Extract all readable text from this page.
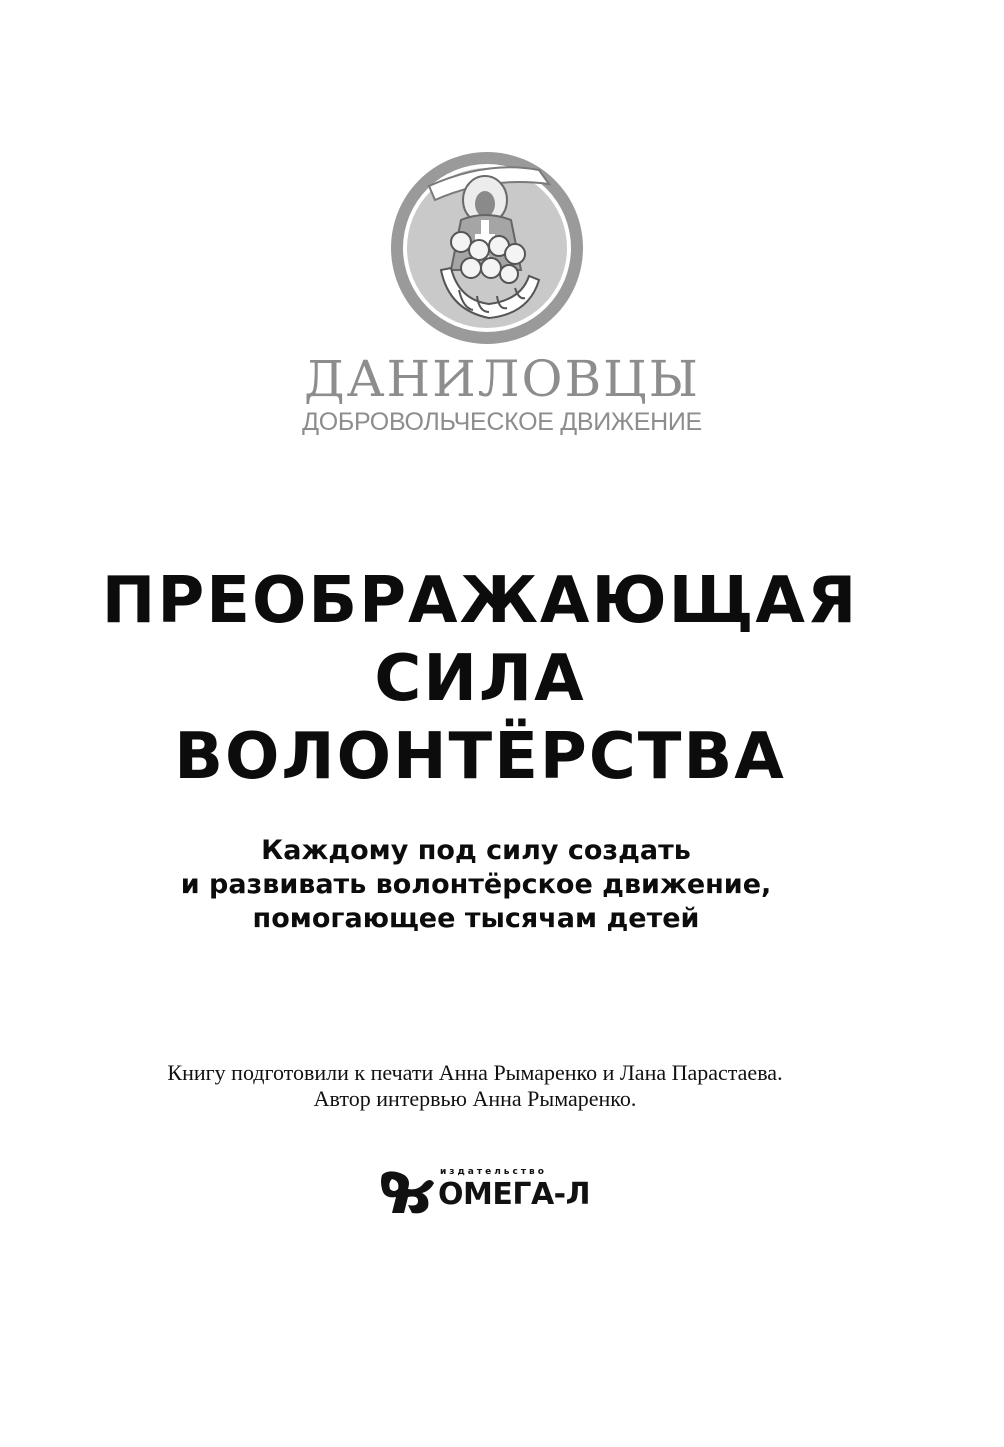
ДАНИЛОВЦЫ
ДОБРОВОЛЬЧЕСКОЕ ДВИЖЕНИЕ
ПРЕОБРАЖАЮЩАЯ
СИЛА
ВОЛОНТЁРСТВА
Каждому под силу создать
и развивать волонтёрское движение,
помогающее тысячам детей
Книгу подготовили к печати Анна Рымаренко и Лана Парастаева.
Автор интервью Анна Рымаренко.
издательство
ОМЕГА-Л
